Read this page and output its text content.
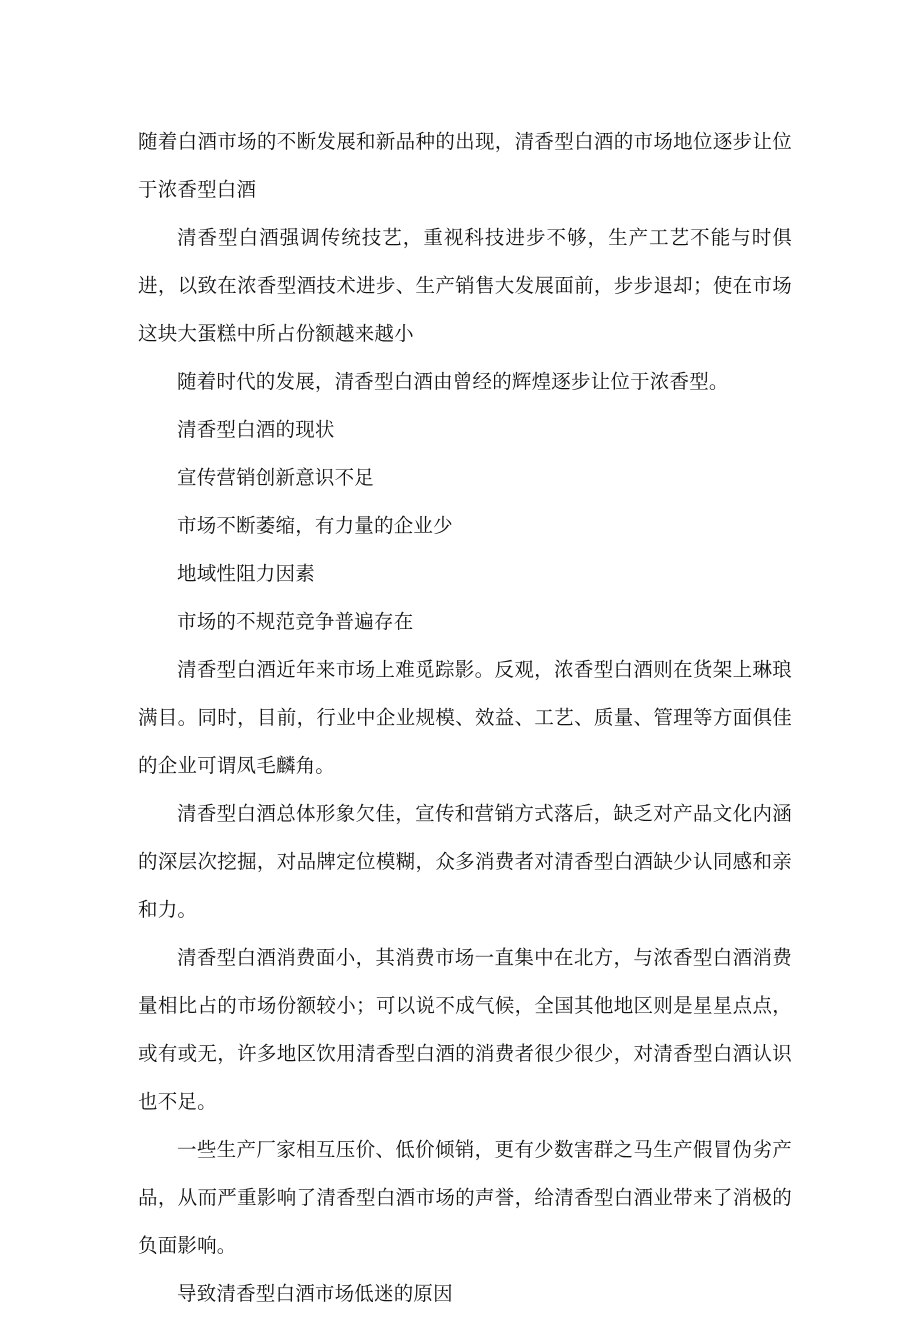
随着白酒市场的不断发展和新品种的出现，清香型白酒的市场地位逐步让位于浓香型白酒

清香型白酒强调传统技艺，重视科技进步不够，生产工艺不能与时俱进，以致在浓香型酒技术进步、生产销售大发展面前，步步退却；使在市场这块大蛋糕中所占份额越来越小

随着时代的发展，清香型白酒由曾经的辉煌逐步让位于浓香型。

清香型白酒的现状

宣传营销创新意识不足

市场不断萎缩，有力量的企业少

地域性阻力因素

市场的不规范竞争普遍存在

清香型白酒近年来市场上难觅踪影。反观，浓香型白酒则在货架上琳琅满目。同时，目前，行业中企业规模、效益、工艺、质量、管理等方面俱佳的企业可谓凤毛麟角。

清香型白酒总体形象欠佳，宣传和营销方式落后，缺乏对产品文化内涵的深层次挖掘，对品牌定位模糊，众多消费者对清香型白酒缺少认同感和亲和力。

清香型白酒消费面小，其消费市场一直集中在北方，与浓香型白酒消费量相比占的市场份额较小；可以说不成气候，全国其他地区则是星星点点，或有或无，许多地区饮用清香型白酒的消费者很少很少，对清香型白酒认识也不足。

一些生产厂家相互压价、低价倾销，更有少数害群之马生产假冒伪劣产品，从而严重影响了清香型白酒市场的声誉，给清香型白酒业带来了消极的负面影响。

导致清香型白酒市场低迷的原因
